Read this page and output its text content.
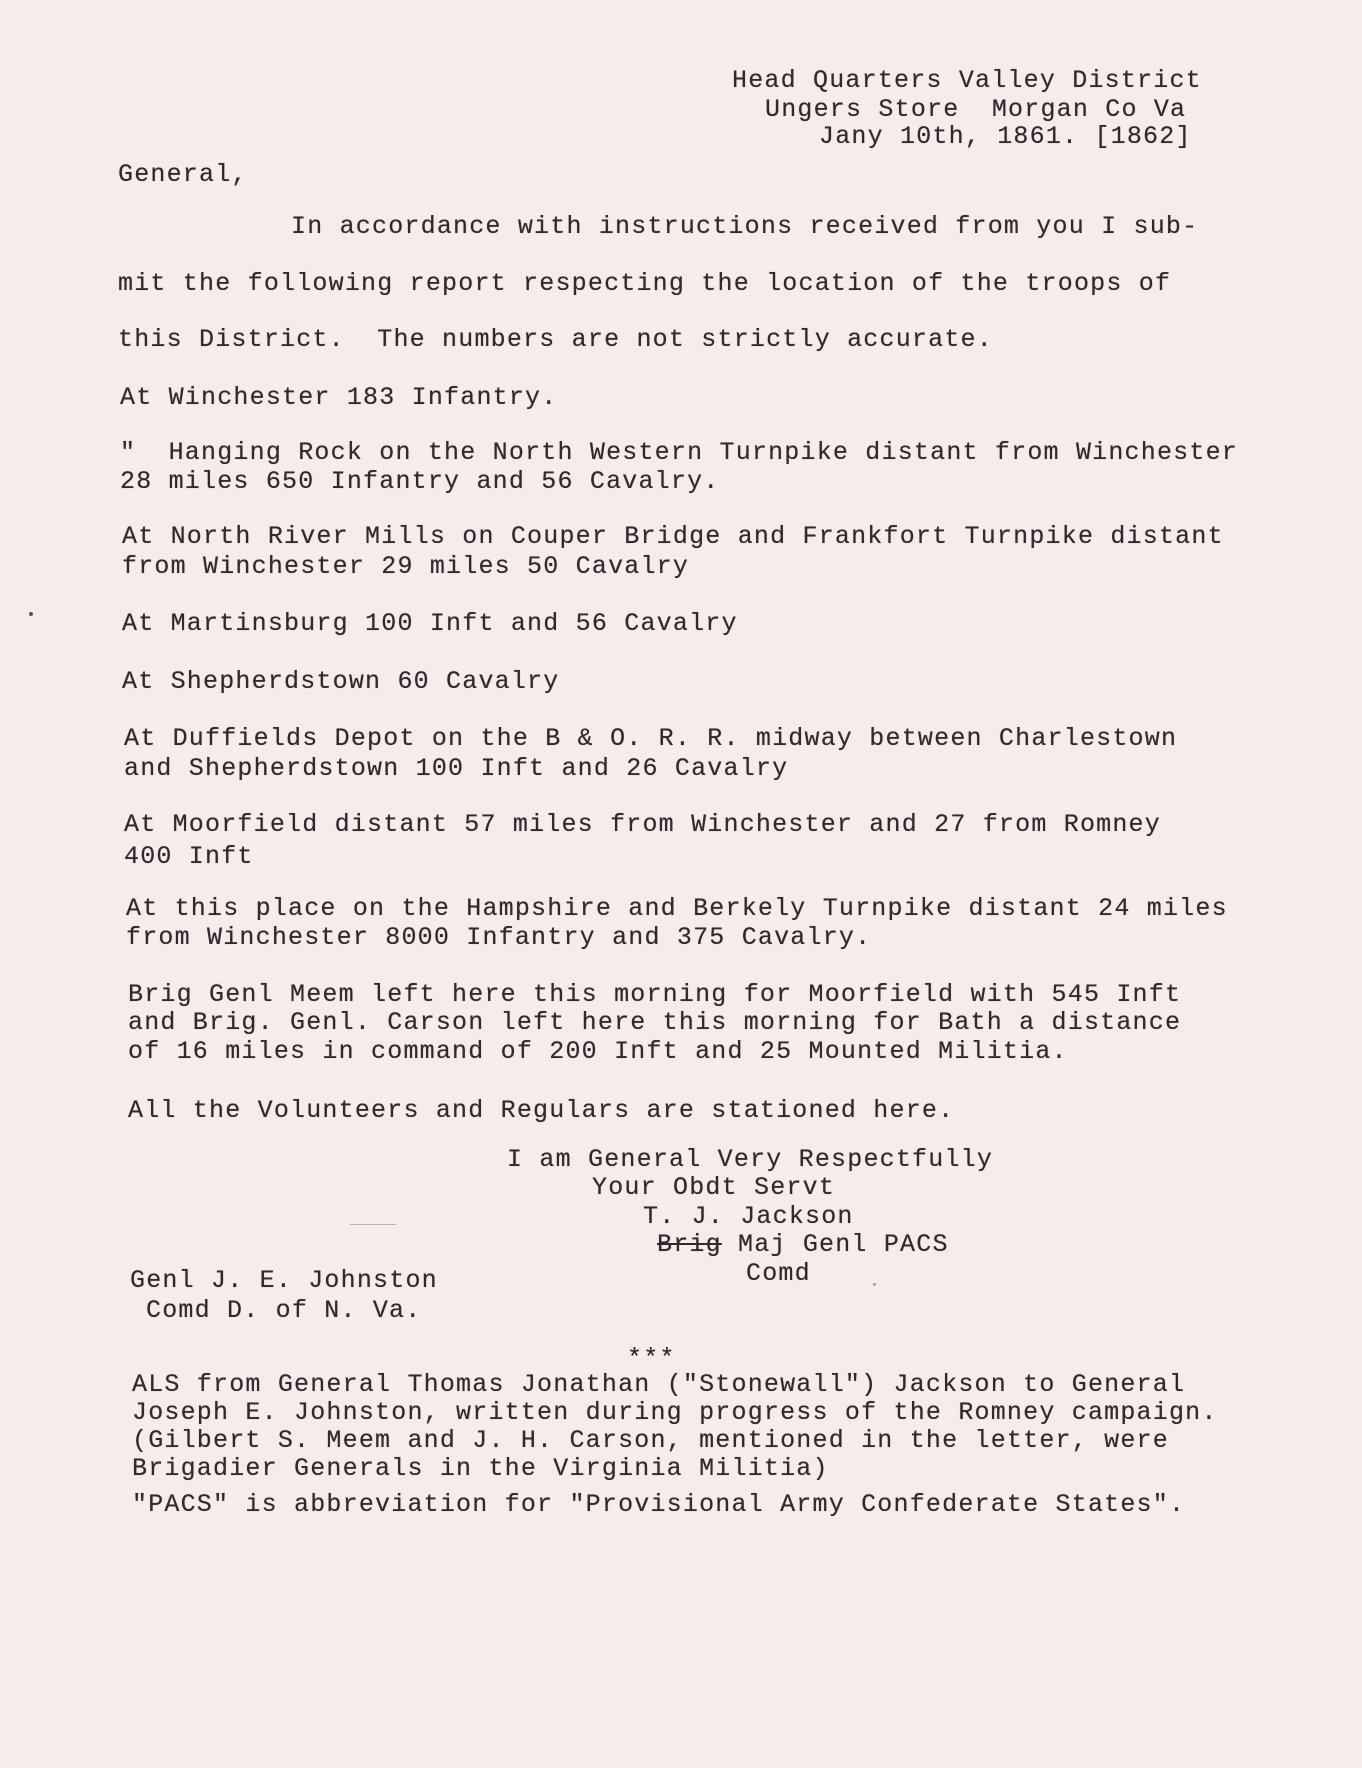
Head Quarters Valley District
Ungers Store  Morgan Co Va
Jany 10th, 1861. [1862]
General,
In accordance with instructions received from you I sub-
mit the following report respecting the location of the troops of
this District.  The numbers are not strictly accurate.
At Winchester 183 Infantry.
"  Hanging Rock on the North Western Turnpike distant from Winchester
28 miles 650 Infantry and 56 Cavalry.
At North River Mills on Couper Bridge and Frankfort Turnpike distant
from Winchester 29 miles 50 Cavalry
At Martinsburg 100 Inft and 56 Cavalry
At Shepherdstown 60 Cavalry
At Duffields Depot on the B & O. R. R. midway between Charlestown
and Shepherdstown 100 Inft and 26 Cavalry
At Moorfield distant 57 miles from Winchester and 27 from Romney
400 Inft
At this place on the Hampshire and Berkely Turnpike distant 24 miles
from Winchester 8000 Infantry and 375 Cavalry.
Brig Genl Meem left here this morning for Moorfield with 545 Inft
and Brig. Genl. Carson left here this morning for Bath a distance
of 16 miles in command of 200 Inft and 25 Mounted Militia.
All the Volunteers and Regulars are stationed here.
I am General Very Respectfully
Your Obdt Servt
T. J. Jackson
Brig Maj Genl PACS
Comd
Genl J. E. Johnston
Comd D. of N. Va.
***
ALS from General Thomas Jonathan ("Stonewall") Jackson to General
Joseph E. Johnston, written during progress of the Romney campaign.
(Gilbert S. Meem and J. H. Carson, mentioned in the letter, were
Brigadier Generals in the Virginia Militia)
"PACS" is abbreviation for "Provisional Army Confederate States".
